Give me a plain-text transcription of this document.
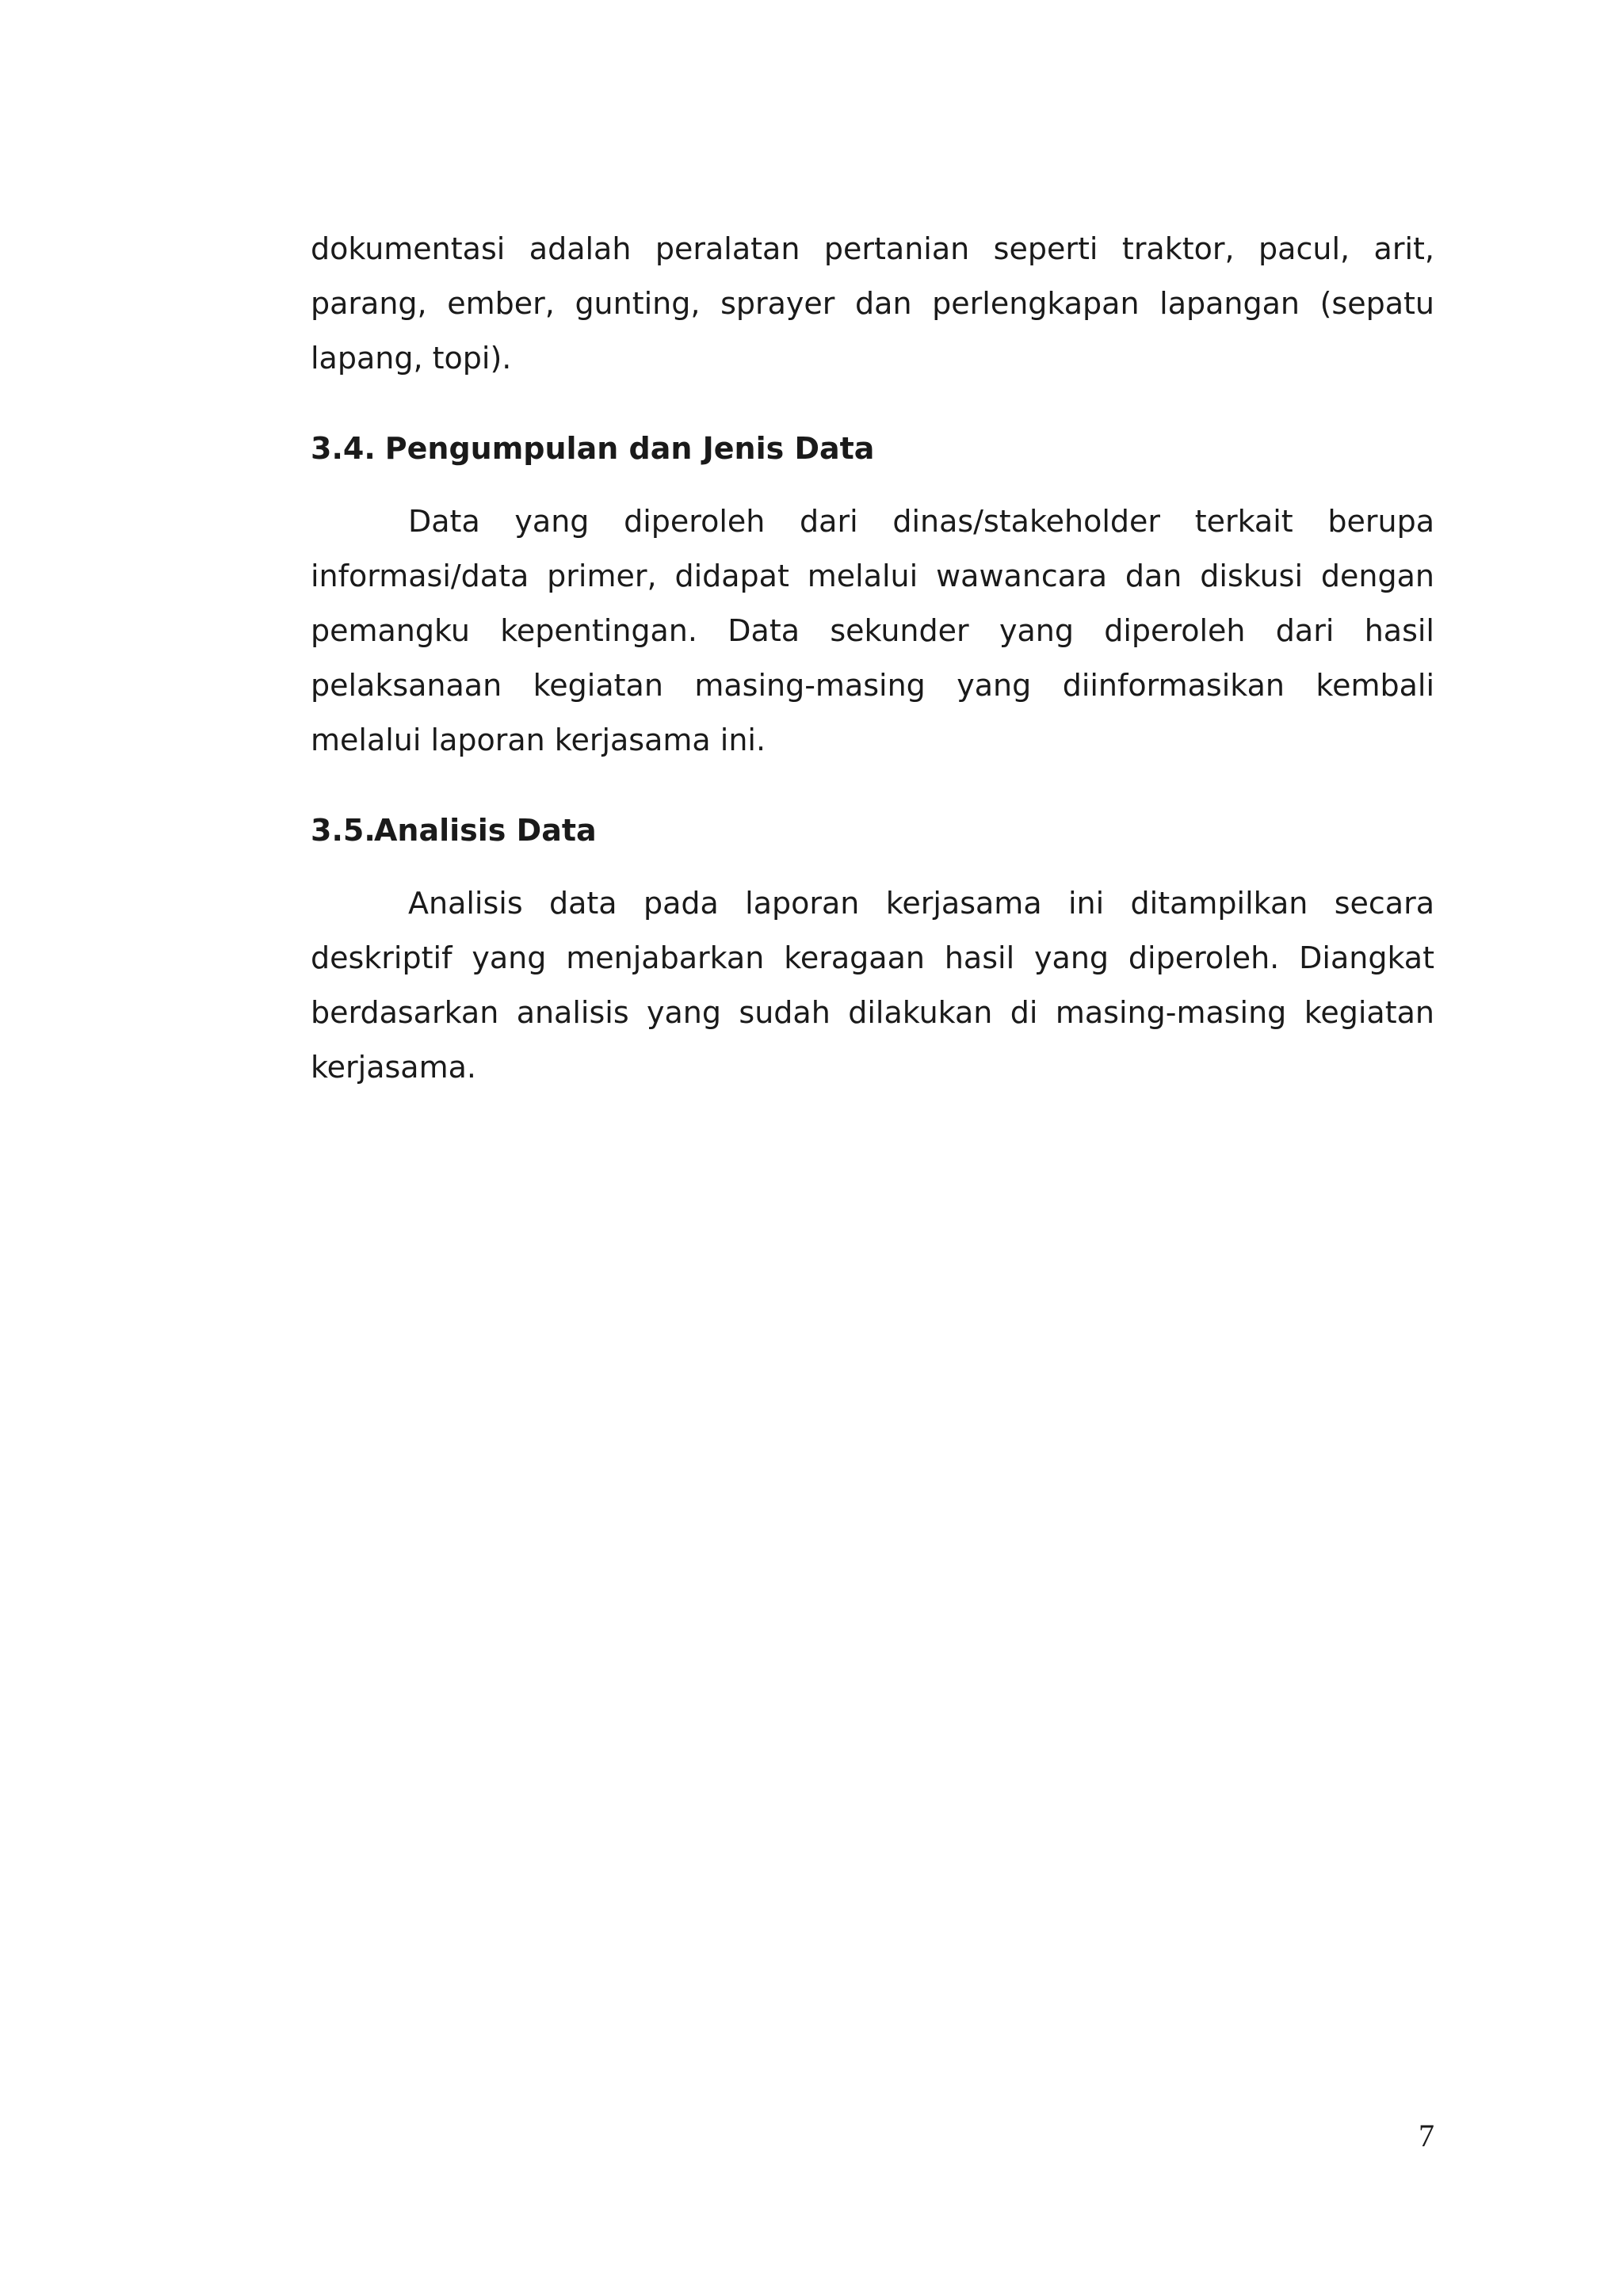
dokumentasi adalah peralatan pertanian seperti traktor, pacul, arit, parang, ember, gunting, sprayer dan perlengkapan lapangan (sepatu lapang, topi).

3.4. Pengumpulan dan Jenis Data

Data yang diperoleh dari dinas/stakeholder terkait berupa informasi/data primer, didapat melalui wawancara dan diskusi dengan pemangku kepentingan. Data sekunder yang diperoleh dari hasil pelaksanaan kegiatan masing-masing yang diinformasikan kembali melalui laporan kerjasama ini.

3.5.
Analisis Data

Analisis data pada laporan kerjasama ini ditampilkan secara deskriptif yang menjabarkan keragaan hasil yang diperoleh. Diangkat berdasarkan analisis yang sudah dilakukan di masing-masing kegiatan kerjasama.

7
